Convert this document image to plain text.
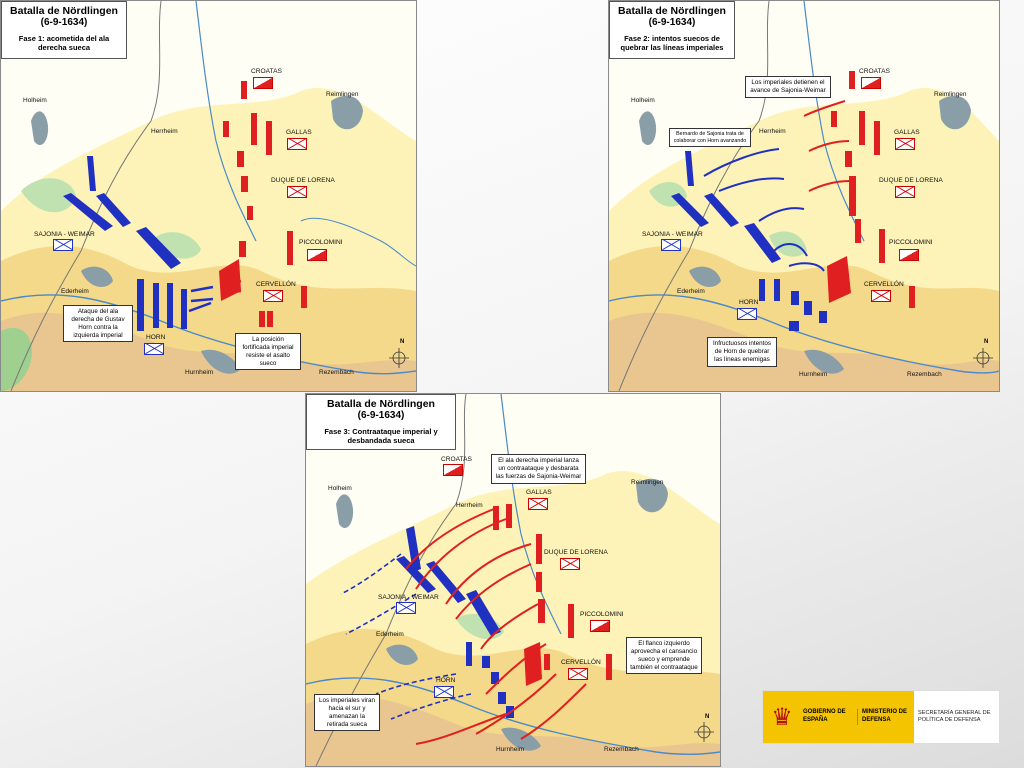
Batalla de Nördlingen
(6-9-1634)
Fase 1: acometida del ala derecha sueca
Holheim
Herrheim
Reimlingen
Ederheim
Hurnheim	Rezembach
CROATAS
GALLAS
DUQUE DE LORENA
PICCOLOMINI
CERVELLÓN
SAJONIA - WEIMAR
HORN
Ataque del ala derecha de Gustav Horn contra la izquierda imperial
La posición fortificada imperial resiste el asalto sueco
N
Batalla de Nördlingen
(6-9-1634)
Fase 2: intentos suecos de quebrar las líneas imperiales
Holheim
Herrheim
Reimlingen
Ederheim
Hurnheim	Rezembach
CROATAS
GALLAS
DUQUE DE LORENA
PICCOLOMINI
CERVELLÓN
SAJONIA - WEIMAR
HORN
Los imperiales detienen el avance de Sajonia-Weimar
Bernardo de Sajonia trata de colaborar con Horn avanzando
Infructuosos intentos de Horn de quebrar las líneas enemigas
N
Batalla de Nördlingen
(6-9-1634)
Fase 3: Contraataque imperial y desbandada sueca
Holheim
Herrheim
Reimlingen
Ederheim
Hurnheim	Rezembach
CROATAS
GALLAS
DUQUE DE LORENA
PICCOLOMINI
CERVELLÓN
SAJONIA - WEIMAR
HORN
El ala derecha imperial lanza un contraataque y desbarata las fuerzas de Sajonia-Weimar
El flanco izquierdo aprovecha el cansancio sueco y emprende también el contraataque
Los imperiales viran hacia el sur y amenazan la retirada sueca
N	♛	GOBIERNO DE ESPAÑA
MINISTERIO DE DEFENSA
SECRETARÍA GENERAL DE POLÍTICA DE DEFENSA
